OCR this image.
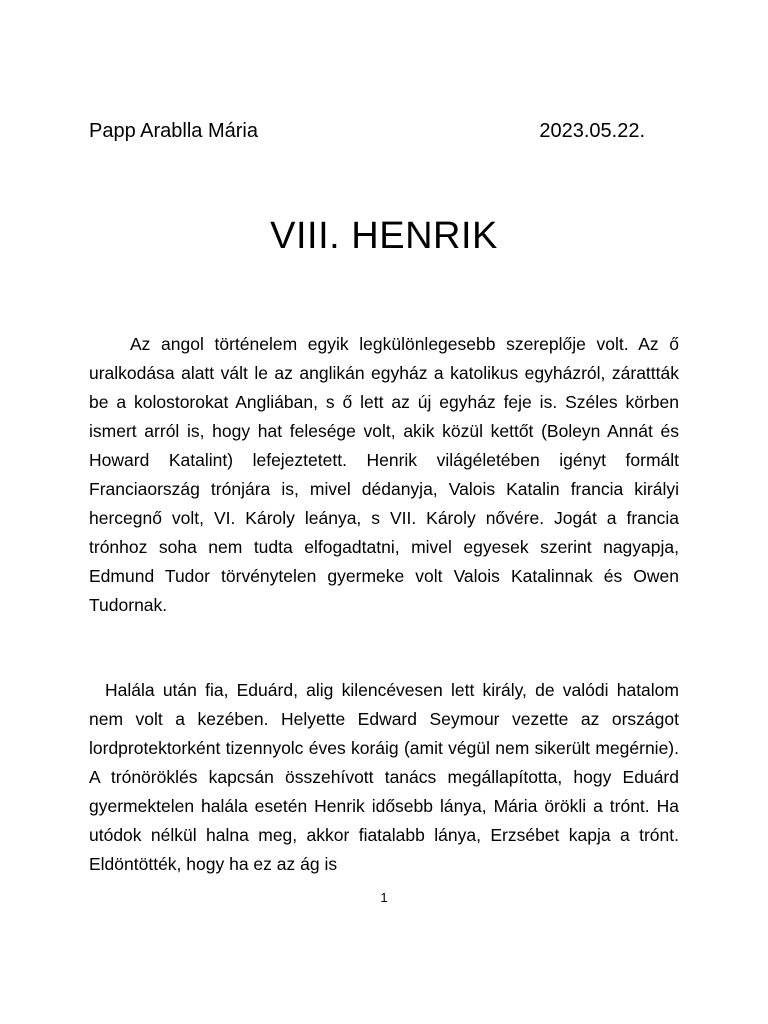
Papp Arablla Mária	2023.05.22.
VIII. HENRIK

Az angol történelem egyik legkülönlegesebb szereplője volt. Az ő uralkodása alatt vált le az anglikán egyház a katolikus egyházról, zárattták be a kolostorokat Angliában, s ő lett az új egyház feje is. Széles körben ismert arról is, hogy hat felesége volt, akik közül kettőt (Boleyn Annát és Howard Katalint) lefejeztetett. Henrik világéletében igényt formált Franciaország trónjára is, mivel dédanyja, Valois Katalin francia királyi hercegnő volt, VI. Károly leánya, s VII. Károly nővére. Jogát a francia trónhoz soha nem tudta elfogadtatni, mivel egyesek szerint nagyapja, Edmund Tudor törvénytelen gyermeke volt Valois Katalinnak és Owen Tudornak.

Halála után fia, Eduárd, alig kilencévesen lett király, de valódi hatalom nem volt a kezében. Helyette Edward Seymour vezette az országot lordprotektorként tizennyolc éves koráig (amit végül nem sikerült megérnie). A trónöröklés kapcsán összehívott tanács megállapította, hogy Eduárd gyermektelen halála esetén Henrik idősebb lánya, Mária örökli a trónt. Ha utódok nélkül halna meg, akkor fiatalabb lánya, Erzsébet kapja a trónt. Eldöntötték, hogy ha ez az ág is

1
